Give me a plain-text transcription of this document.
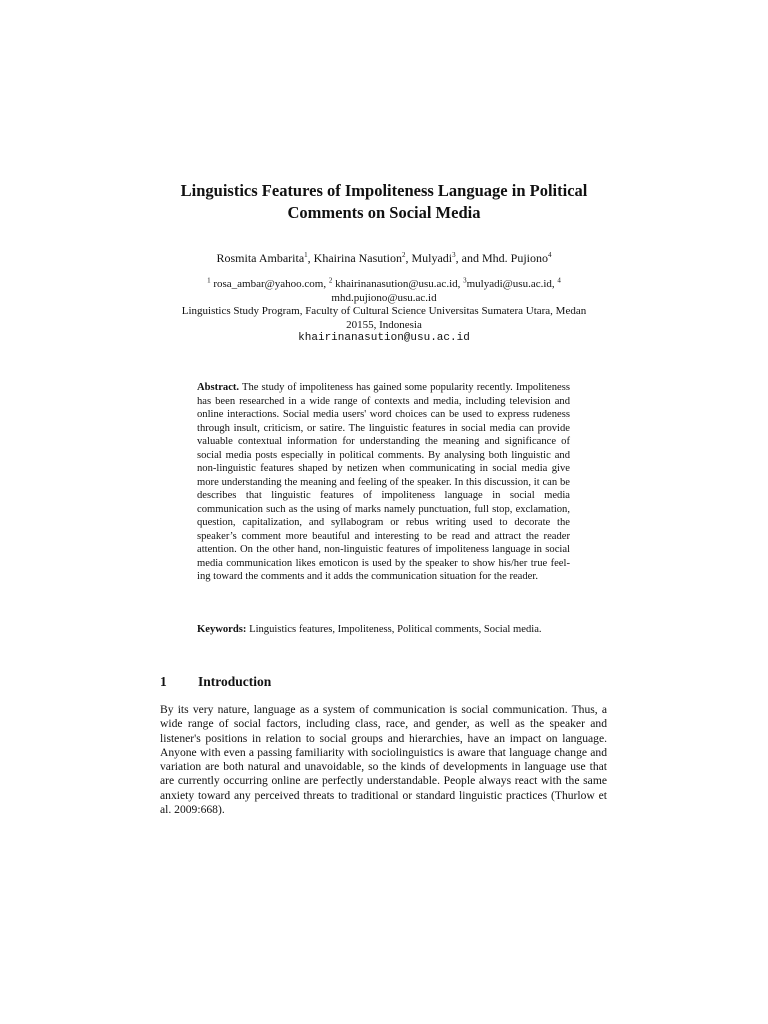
Linguistics Features of Impoliteness Language in Political
Comments on Social Media
Rosmita Ambarita$^1$, Khairina Nasution$^2$, Mulyadi$^3$, and Mhd. Pujiono$^4$
$^1$ rosa_ambar@yahoo.com, $^2$ khairinanasution@usu.ac.id, $^3$mulyadi@usu.ac.id, $^4$
mhd.pujiono@usu.ac.id
Linguistics Study Program, Faculty of Cultural Science Universitas Sumatera Utara, Medan
20155, Indonesia
khairinanasution@usu.ac.id
Abstract. The study of impoliteness has gained some popularity recently. Impoliteness has been researched in a wide range of contexts and media, including television and online interactions. Social media users' word choices can be used to express rudeness through insult, criticism, or satire. The linguistic features in social media can provide valuable contextual information for understanding the meaning and significance of social media posts especially in political comments. By analysing both linguistic and non-linguistic features shaped by netizen when communicating in social media give more understanding the meaning and feeling of the speaker. In this discussion, it can be describes that linguistic features of impoliteness language in social media communication such as the using of marks namely punctuation, full stop, exclamation, question, capitalization, and syllabogram or rebus writing used to decorate the speaker’s comment more beautiful and interesting to be read and attract the reader attention. On the other hand, non-linguistic features of impoliteness language in social media communication likes emoticon is used by the speaker to show his/her true feeling toward the comments and it adds the communication situation for the reader.
Keywords: Linguistics features, Impoliteness, Political comments, Social media.
1 Introduction
By its very nature, language as a system of communication is social communication. Thus, a wide range of social factors, including class, race, and gender, as well as the speaker and listener's positions in relation to social groups and hierarchies, have an impact on language. Anyone with even a passing familiarity with sociolinguistics is aware that language change and variation are both natural and unavoidable, so the kinds of developments in language use that are currently occurring online are perfectly understandable. People always react with the same anxiety toward any perceived threats to traditional or standard linguistic practices (Thurlow et al. 2009:668).
